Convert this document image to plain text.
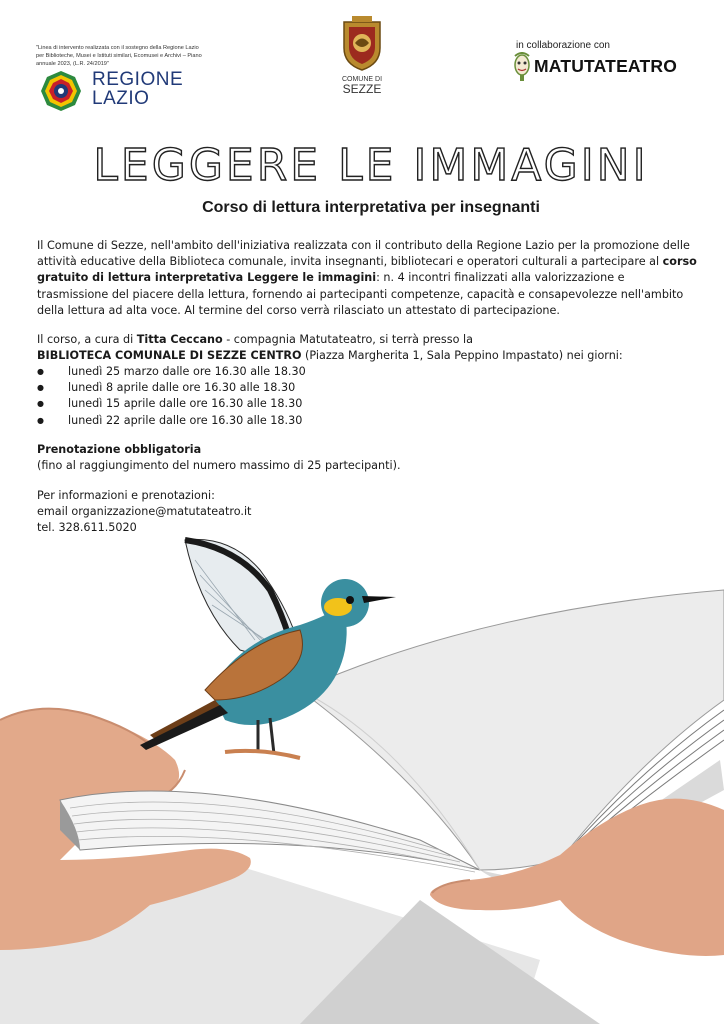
"Linea di intervento realizzata con il sostegno della Regione Lazio per Biblioteche, Musei e Istituti similari, Ecomusei e Archivi – Piano annuale 2023, (L.R. 24/2019"
REGIONE
LAZIO
COMUNE DI
SEZZE
in collaborazione con
MATUTATEATRO
LEGGERE LE IMMAGINI
Corso di lettura interpretativa per insegnanti
Il Comune di Sezze, nell'ambito dell'iniziativa realizzata con il contributo della Regione Lazio per la promozione delle attività educative della Biblioteca comunale, invita insegnanti, bibliotecari e operatori culturali a partecipare al corso gratuito di lettura interpretativa Leggere le immagini: n. 4 incontri finalizzati alla valorizzazione e trasmissione del piacere della lettura, fornendo ai partecipanti competenze, capacità e consapevolezze nell'ambito della lettura ad alta voce. Al termine del corso verrà rilasciato un attestato di partecipazione.
Il corso, a cura di Titta Ceccano - compagnia Matutateatro, si terrà presso la
BIBLIOTECA COMUNALE DI SEZZE CENTRO (Piazza Margherita 1, Sala Peppino Impastato) nei giorni:
● lunedì 25 marzo dalle ore 16.30 alle 18.30
● lunedì 8 aprile dalle ore 16.30 alle 18.30
● lunedì 15 aprile dalle ore 16.30 alle 18.30
● lunedì 22 aprile dalle ore 16.30 alle 18.30
Prenotazione obbligatoria
(fino al raggiungimento del numero massimo di 25 partecipanti).
Per informazioni e prenotazioni:
email organizzazione@matutateatro.it
tel. 328.611.5020
